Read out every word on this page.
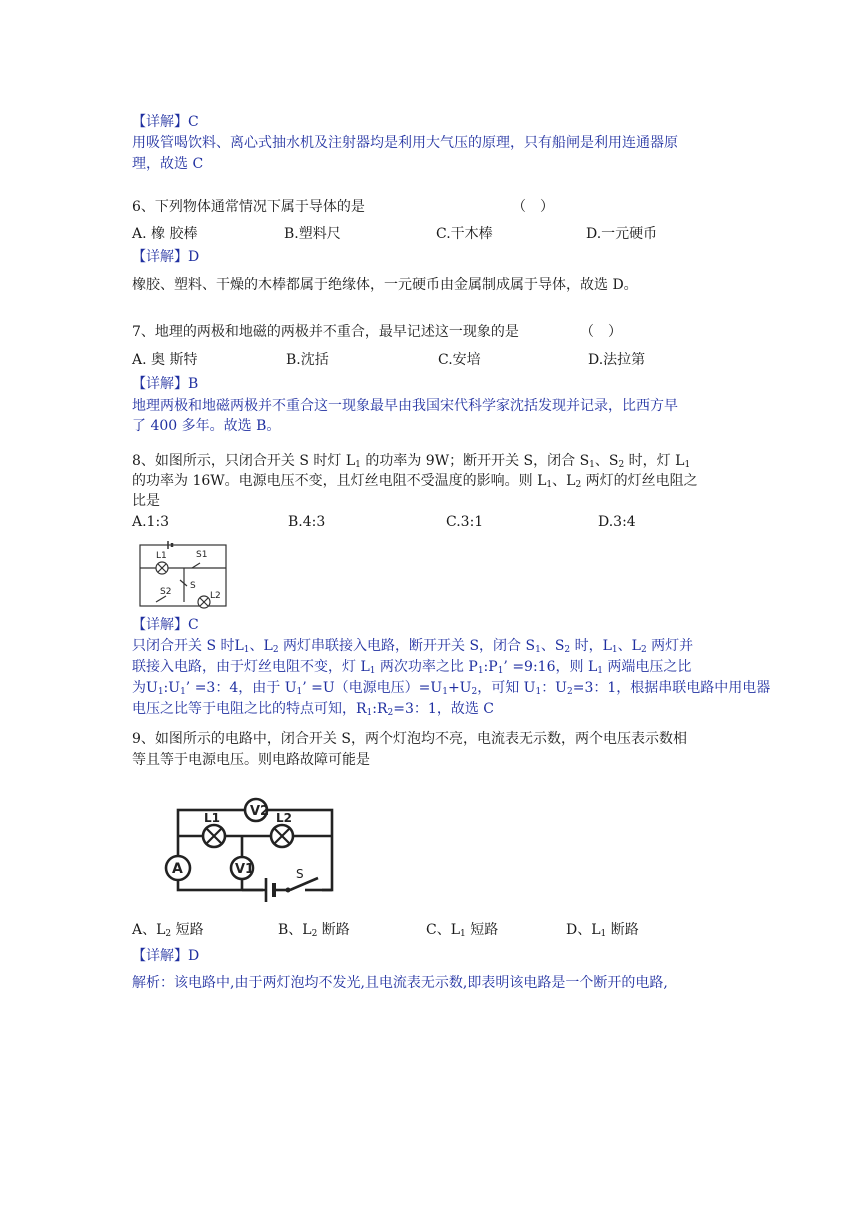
【详解】C
用吸管喝饮料、离心式抽水机及注射器均是利用大气压的原理，只有船闸是利用连通器原
理，故选 C
6、下列物体通常情况下属于导体的是	（　）
A. 橡 胶棒	B.塑料尺	C.干木棒	D.一元硬币
【详解】D
橡胶、塑料、干燥的木棒都属于绝缘体，一元硬币由金属制成属于导体，故选 D。
7、地理的两极和地磁的两极并不重合，最早记述这一现象的是	（　）
A. 奥 斯特	B.沈括	C.安培	D.法拉第
【详解】B
地理两极和地磁两极并不重合这一现象最早由我国宋代科学家沈括发现并记录，比西方早
了 400 多年。故选 B。
8、如图所示，只闭合开关 S 时灯 $L_1$ 的功率为 9W；断开开关 S，闭合 $S_1$、$S_2$ 时，灯 $L_1$
的功率为 16W。电源电压不变，且灯丝电阻不受温度的影响。则 $L_1$、$L_2$ 两灯的灯丝电阻之
比是
A.1:3	B.4:3	C.3:1	D.3:4
L1	S1
S
S2	L2
【详解】C
只闭合开关 S 时$L_1$、$L_2$ 两灯串联接入电路，断开开关 S，闭合 $S_1$、$S_2$ 时，$L_1$、$L_2$ 两灯并
联接入电路，由于灯丝电阻不变，灯 $L_1$ 两次功率之比 $P_1:P_1$’ =9:16，则 $L_1$ 两端电压之比
为$U_1:U_1$’ =3：4，由于 $U_1$’ =U（电源电压）$=U_1+U_2$，可知 $U_1$：$U_2=3$：1，根据串联电路中用电器
电压之比等于电阻之比的特点可知，$R_1:R_2=3$：1，故选 C
9、如图所示的电路中，闭合开关 S，两个灯泡均不亮，电流表无示数，两个电压表示数相
等且等于电源电压。则电路故障可能是
V2
L1	L2
A	V1	S
A、$L_2$ 短路	B、$L_2$ 断路	C、$L_1$ 短路	D、$L_1$ 断路
【详解】D
解析：该电路中,由于两灯泡均不发光,且电流表无示数,即表明该电路是一个断开的电路,
